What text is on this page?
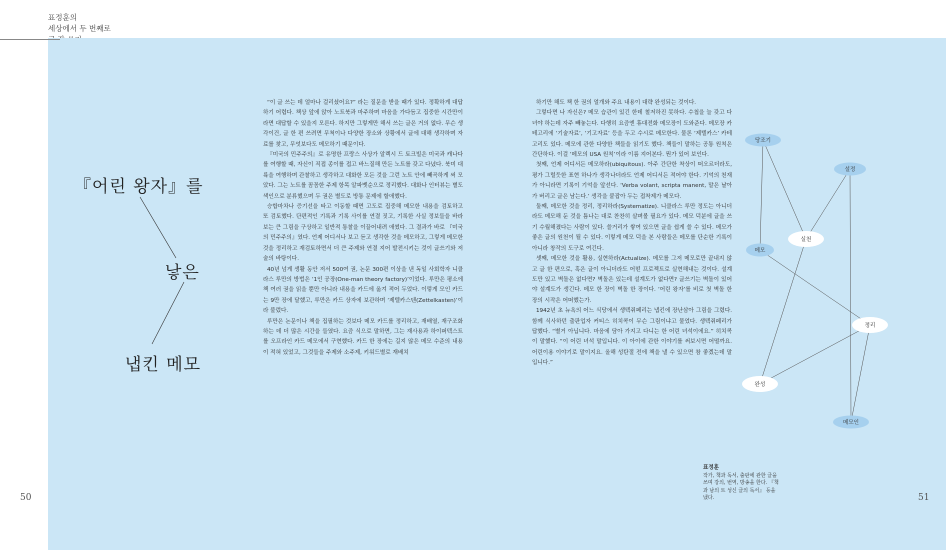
표정훈의
세상에서 두 번째로
『어린 왕자』를
낳은
냅킨 메모

“이 글 쓰는 데 얼마나 걸리셨어요?” 라는 질문을 받을 때가 있다. 정확하게 대답하기 어렵다. 책상 앞에 앉아 노트북과 마주하며 마음을 가다듬고 집중한 시간만이라면 대답할 수 있을지 모른다. 하지만 그렇게만 해서 쓰는 글은 거의 없다. 무슨 생각이건, 글 한 편 쓰려면 무척이나 다양한 장소와 상황에서 글에 대해 생각하며 자료를 찾고, 무엇보다도 메모하기 때문이다.

『미국의 민주주의』로 유명한 프랑스 사상가 알렉시 드 토크빌은 미국과 캐나다를 여행할 때, 자신이 직접 종이를 접고 바느질해 만든 노트를 갖고 다녔다. 북미 대륙을 여행하며 관찰하고 생각하고 대화한 모든 것을 그런 노트 안에 빼곡하게 써 모았다. 그는 노트를 꼼꼼한 주제 항목 알파벳순으로 정리했다. 대화나 인터뷰는 별도 색인으로 분류했으며 두 권은 별도로 방통 문제에 할애했다.

승합마차나 증기선을 타고 이동할 때면 고도로 집중해 메모한 내용을 검토하고 또 검토했다. 단편적인 기록과 기록 사이를 연결 짓고, 기록한 사실 정보들을 바라보는 큰 그림을 구상하고 일반적 통찰을 이끌어내려 애썼다. 그 결과가 바로 『미국의 민주주의』였다. 언제 어디서나 보고 듣고 생각한 것을 메모하고, 그렇게 메모한 것을 정리하고 재검토하면서 더 큰 주제와 연결 지어 발전시키는 것이 글쓰기와 저술의 바탕이다.

40년 넘게 생활 동안 저서 500여 권, 논문 300편 이상을 낸 독일 사회학자 니클라스 루만의 방법은 ‘1인 공장(One-man theory factory)’이었다. 루만은 평소에 책 여러 권을 읽을 뿐만 아니라 내용을 카드에 옮겨 적어 두었다. 이렇게 모인 카드는 9만 장에 달했고, 루만은 카드 상자에 보관하며 ‘제텔카스텐(Zettelkasten)’이라 불렀다.

루만은 논문이나 책을 집필하는 것보다 메모 카드를 정리하고, 재배열, 재구조화하는 데 더 많은 시간을 들였다. 요즘 식으로 말하면, 그는 재사용과 하이퍼텍스트를 오프라인 카드 메모에서 구현했다. 카드 한 장에는 길지 않은 메모 수준의 내용이 적혀 있었고, 그것들을 주제와 소주제, 키워드별로 재배치

하기만 해도 책 한 권의 얼개와 주요 내용이 대략 완성되는 것이다.

그렇다면 나 자신은? 메모 습관이 있긴 한데 철저하진 못하다. 수첩을 늘 갖고 다녀야 하는데 자주 빼놓는다. 다행히 요즘엔 휴대전화 메모장이 도와준다. 메모장 카테고리에 ‘기술자료’, ‘기고자료’ 등을 두고 수시로 메모한다. 물론 ‘제텔카스’ 카테고리도 있다. 메모에 관한 다양한 책들을 읽기도 했다. 책들이 말하는 공통 원칙은 간단하다. 이걸 ‘메모의 USA 원칙’이라 이름 지어본다. 뭔가 있어 보인다.

첫째, 언제 어디서든 메모하라(ubiquitous). 아주 간단한 착상이 떠오르더라도, 평가 그럴듯한 표현 하나가 생각나더라도 언제 어디서든 적어야 한다. 기억의 천재가 아니라면 기록이 기억을 앞선다. ‘Verba volant, scripta manent, 말은 날아가 버리고 글은 남는다.’ 생각을 붙잡아 두는 접착제가 메모다.

둘째, 메모한 것을 정리, 정리하라(Systematize). 니클라스 루만 정도는 아니더라도 메모해 둔 것을 틈나는 대로 찬찬히 살펴볼 필요가 있다. 메모 덕분에 글을 쓰기 수월해졌다는 사람이 있다. 쓸거리가 쌓여 있으면 글을 쉽게 쓸 수 있다. 메모가 좋은 글의 원천이 될 수 있다. 이렇게 메모 덕을 본 사람들은 메모를 단순한 기록이 아니라 창작의 도구로 여긴다.

셋째, 메모한 것을 활용, 실현하라(Actualize). 메모를 그저 메모로만 끝내지 않고 글 한 편으로, 혹은 글이 아니더라도 어떤 프로젝트로 실현해내는 것이다. 설계도만 있고 벽돌은 없다면? 벽돌은 있는데 설계도가 없다면? 글쓰기는 벽돌이 있어야 설계도가 생긴다. 메모 한 장이 벽돌 한 장이다. ‘어린 왕자’를 비로 첫 벽돌 한 장의 시작은 어떠했는가.

1942년 초 뉴욕의 어느 식당에서 생텍쥐페리는 냅킨에 장난삼아 그림을 그렸다. 함께 식사하던 출판업자 커티스 히치콕이 무슨 그림이냐고 물었다. 생텍쥐페리가 답했다. “별거 아닙니다. 마음에 담아 가지고 다니는 한 어린 녀석이에요.” 히치콕이 말했다. “이 어린 녀석 말입니다. 이 아이에 관한 이야기를 써보시면 어떨까요. 어린이용 이야기로 말이지요. 올해 성탄절 전에 책을 낼 수 있으면 참 좋겠는데 말입니다.”

당조기
설정
실천
메모
정리
완성
메모인
표정훈
작가, 책과 독서, 출판에 관한 글을 쓰며 강의, 번역, 방송을 한다. 『책과 남의 트 성신 글의 독서』 등을 냈다.
50	51
